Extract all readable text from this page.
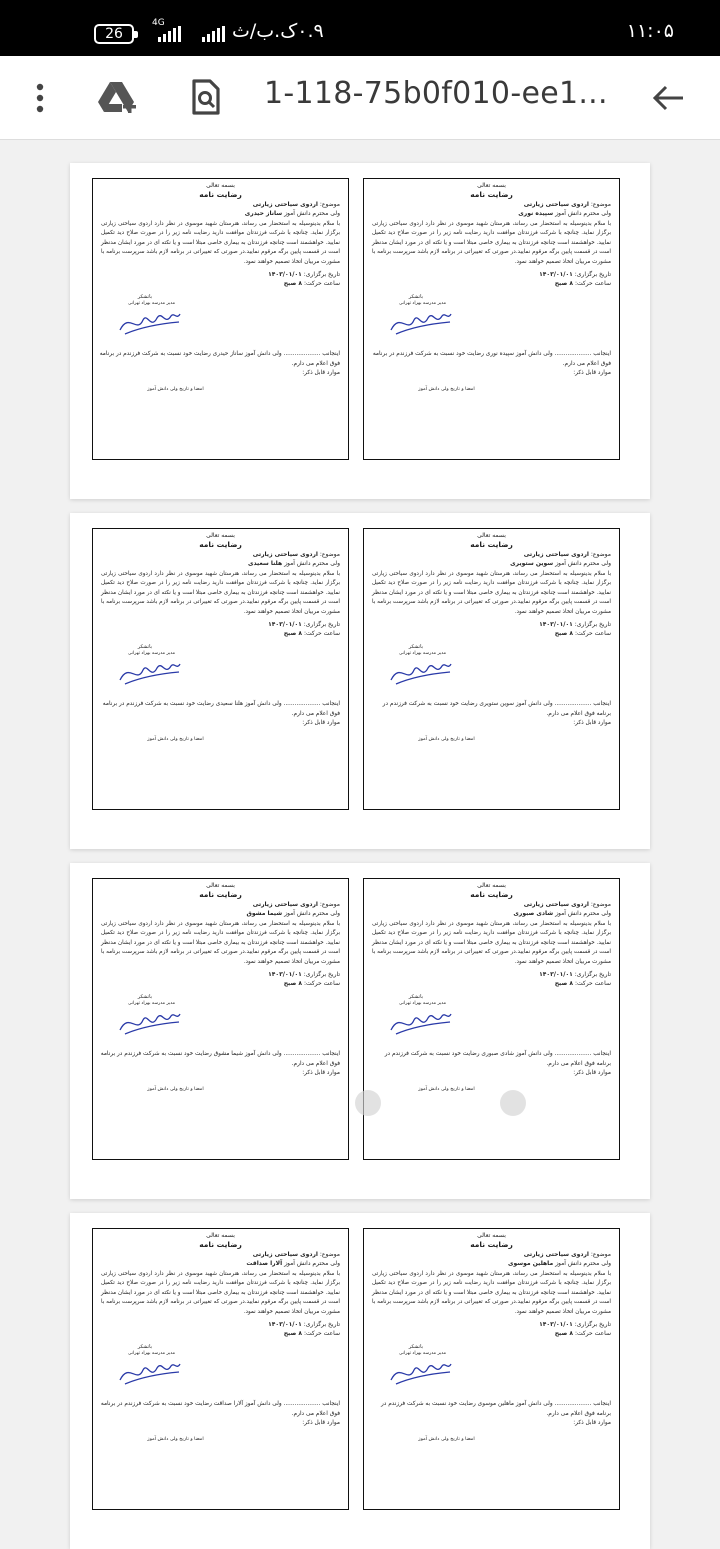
26
4G	۰.۹ک.ب/ث	۱۱:۰۵
1-118-75b0f010-ee1...
بسمه تعالی
رضایت نامه
موضوع: اردوی سیاحتی زیارتی
ولی محترم دانش آموز سپیده نوری
با سلام بدینوسیله به استحضار می رساند، هنرستان شهید موسوی در نظر دارد اردوی سیاحتی زیارتی برگزار نماید. چنانچه با شرکت فرزندتان موافقت دارید رضایت نامه زیر را در صورت صلاح دید تکمیل نمایید. خواهشمند است چنانچه فرزندتان به بیماری خاصی مبتلا است و یا نکته ای در مورد ایشان مدنظر است در قسمت پایین برگه مرقوم نمایید.در صورتی که تغییراتی در برنامه لازم باشد سرپرست برنامه با مشورت مربیان اتخاذ تصمیم خواهند نمود.
تاریخ برگزاری: ۱۴۰۳/۰۱/۰۱
ساعت حرکت: ۸ صبح
باتشکر
مدیر مدرسه بهزاد تهرانی
اینجانب .................... ولی دانش آموز سپیده نوری رضایت خود نسبت به شرکت فرزندم در برنامه فوق اعلام می دارم.
موارد قابل ذکر:
امضا و تاریخ ولی دانش آموز
بسمه تعالی
رضایت نامه
موضوع: اردوی سیاحتی زیارتی
ولی محترم دانش آموز ساناز حیدری
با سلام بدینوسیله به استحضار می رساند، هنرستان شهید موسوی در نظر دارد اردوی سیاحتی زیارتی برگزار نماید. چنانچه با شرکت فرزندتان موافقت دارید رضایت نامه زیر را در صورت صلاح دید تکمیل نمایید. خواهشمند است چنانچه فرزندتان به بیماری خاصی مبتلا است و یا نکته ای در مورد ایشان مدنظر است در قسمت پایین برگه مرقوم نمایید.در صورتی که تغییراتی در برنامه لازم باشد سرپرست برنامه با مشورت مربیان اتخاذ تصمیم خواهند نمود.
تاریخ برگزاری: ۱۴۰۳/۰۱/۰۱
ساعت حرکت: ۸ صبح
باتشکر
مدیر مدرسه بهزاد تهرانی
اینجانب .................... ولی دانش آموز ساناز حیدری رضایت خود نسبت به شرکت فرزندم در برنامه فوق اعلام می دارم.
موارد قابل ذکر:
امضا و تاریخ ولی دانش آموز
بسمه تعالی
رضایت نامه
موضوع: اردوی سیاحتی زیارتی
ولی محترم دانش آموز سوین ستویری
با سلام بدینوسیله به استحضار می رساند، هنرستان شهید موسوی در نظر دارد اردوی سیاحتی زیارتی برگزار نماید. چنانچه با شرکت فرزندتان موافقت دارید رضایت نامه زیر را در صورت صلاح دید تکمیل نمایید. خواهشمند است چنانچه فرزندتان به بیماری خاصی مبتلا است و یا نکته ای در مورد ایشان مدنظر است در قسمت پایین برگه مرقوم نمایید.در صورتی که تغییراتی در برنامه لازم باشد سرپرست برنامه با مشورت مربیان اتخاذ تصمیم خواهند نمود.
تاریخ برگزاری: ۱۴۰۳/۰۱/۰۱
ساعت حرکت: ۸ صبح
باتشکر
مدیر مدرسه بهزاد تهرانی
اینجانب .................... ولی دانش آموز سوین ستویری رضایت خود نسبت به شرکت فرزندم در برنامه فوق اعلام می دارم.
موارد قابل ذکر:
امضا و تاریخ ولی دانش آموز
بسمه تعالی
رضایت نامه
موضوع: اردوی سیاحتی زیارتی
ولی محترم دانش آموز هلنا سعیدی
با سلام بدینوسیله به استحضار می رساند، هنرستان شهید موسوی در نظر دارد اردوی سیاحتی زیارتی برگزار نماید. چنانچه با شرکت فرزندتان موافقت دارید رضایت نامه زیر را در صورت صلاح دید تکمیل نمایید. خواهشمند است چنانچه فرزندتان به بیماری خاصی مبتلا است و یا نکته ای در مورد ایشان مدنظر است در قسمت پایین برگه مرقوم نمایید.در صورتی که تغییراتی در برنامه لازم باشد سرپرست برنامه با مشورت مربیان اتخاذ تصمیم خواهند نمود.
تاریخ برگزاری: ۱۴۰۳/۰۱/۰۱
ساعت حرکت: ۸ صبح
باتشکر
مدیر مدرسه بهزاد تهرانی
اینجانب .................... ولی دانش آموز هلنا سعیدی رضایت خود نسبت به شرکت فرزندم در برنامه فوق اعلام می دارم.
موارد قابل ذکر:
امضا و تاریخ ولی دانش آموز
بسمه تعالی
رضایت نامه
موضوع: اردوی سیاحتی زیارتی
ولی محترم دانش آموز شادی صبوری
با سلام بدینوسیله به استحضار می رساند، هنرستان شهید موسوی در نظر دارد اردوی سیاحتی زیارتی برگزار نماید. چنانچه با شرکت فرزندتان موافقت دارید رضایت نامه زیر را در صورت صلاح دید تکمیل نمایید. خواهشمند است چنانچه فرزندتان به بیماری خاصی مبتلا است و یا نکته ای در مورد ایشان مدنظر است در قسمت پایین برگه مرقوم نمایید.در صورتی که تغییراتی در برنامه لازم باشد سرپرست برنامه با مشورت مربیان اتخاذ تصمیم خواهند نمود.
تاریخ برگزاری: ۱۴۰۳/۰۱/۰۱
ساعت حرکت: ۸ صبح
باتشکر
مدیر مدرسه بهزاد تهرانی
اینجانب .................... ولی دانش آموز شادی صبوری رضایت خود نسبت به شرکت فرزندم در برنامه فوق اعلام می دارم.
موارد قابل ذکر:
امضا و تاریخ ولی دانش آموز
بسمه تعالی
رضایت نامه
موضوع: اردوی سیاحتی زیارتی
ولی محترم دانش آموز شیما مشوق
با سلام بدینوسیله به استحضار می رساند، هنرستان شهید موسوی در نظر دارد اردوی سیاحتی زیارتی برگزار نماید. چنانچه با شرکت فرزندتان موافقت دارید رضایت نامه زیر را در صورت صلاح دید تکمیل نمایید. خواهشمند است چنانچه فرزندتان به بیماری خاصی مبتلا است و یا نکته ای در مورد ایشان مدنظر است در قسمت پایین برگه مرقوم نمایید.در صورتی که تغییراتی در برنامه لازم باشد سرپرست برنامه با مشورت مربیان اتخاذ تصمیم خواهند نمود.
تاریخ برگزاری: ۱۴۰۳/۰۱/۰۱
ساعت حرکت: ۸ صبح
باتشکر
مدیر مدرسه بهزاد تهرانی
اینجانب .................... ولی دانش آموز شیما مشوق رضایت خود نسبت به شرکت فرزندم در برنامه فوق اعلام می دارم.
موارد قابل ذکر:
امضا و تاریخ ولی دانش آموز
بسمه تعالی
رضایت نامه
موضوع: اردوی سیاحتی زیارتی
ولی محترم دانش آموز ماهلین موسوی
با سلام بدینوسیله به استحضار می رساند، هنرستان شهید موسوی در نظر دارد اردوی سیاحتی زیارتی برگزار نماید. چنانچه با شرکت فرزندتان موافقت دارید رضایت نامه زیر را در صورت صلاح دید تکمیل نمایید. خواهشمند است چنانچه فرزندتان به بیماری خاصی مبتلا است و یا نکته ای در مورد ایشان مدنظر است در قسمت پایین برگه مرقوم نمایید.در صورتی که تغییراتی در برنامه لازم باشد سرپرست برنامه با مشورت مربیان اتخاذ تصمیم خواهند نمود.
تاریخ برگزاری: ۱۴۰۳/۰۱/۰۱
ساعت حرکت: ۸ صبح
باتشکر
مدیر مدرسه بهزاد تهرانی
اینجانب .................... ولی دانش آموز ماهلین موسوی رضایت خود نسبت به شرکت فرزندم در برنامه فوق اعلام می دارم.
موارد قابل ذکر:
امضا و تاریخ ولی دانش آموز
بسمه تعالی
رضایت نامه
موضوع: اردوی سیاحتی زیارتی
ولی محترم دانش آموز آلارا صداقت
با سلام بدینوسیله به استحضار می رساند، هنرستان شهید موسوی در نظر دارد اردوی سیاحتی زیارتی برگزار نماید. چنانچه با شرکت فرزندتان موافقت دارید رضایت نامه زیر را در صورت صلاح دید تکمیل نمایید. خواهشمند است چنانچه فرزندتان به بیماری خاصی مبتلا است و یا نکته ای در مورد ایشان مدنظر است در قسمت پایین برگه مرقوم نمایید.در صورتی که تغییراتی در برنامه لازم باشد سرپرست برنامه با مشورت مربیان اتخاذ تصمیم خواهند نمود.
تاریخ برگزاری: ۱۴۰۳/۰۱/۰۱
ساعت حرکت: ۸ صبح
باتشکر
مدیر مدرسه بهزاد تهرانی
اینجانب .................... ولی دانش آموز آلارا صداقت رضایت خود نسبت به شرکت فرزندم در برنامه فوق اعلام می دارم.
موارد قابل ذکر:
امضا و تاریخ ولی دانش آموز
